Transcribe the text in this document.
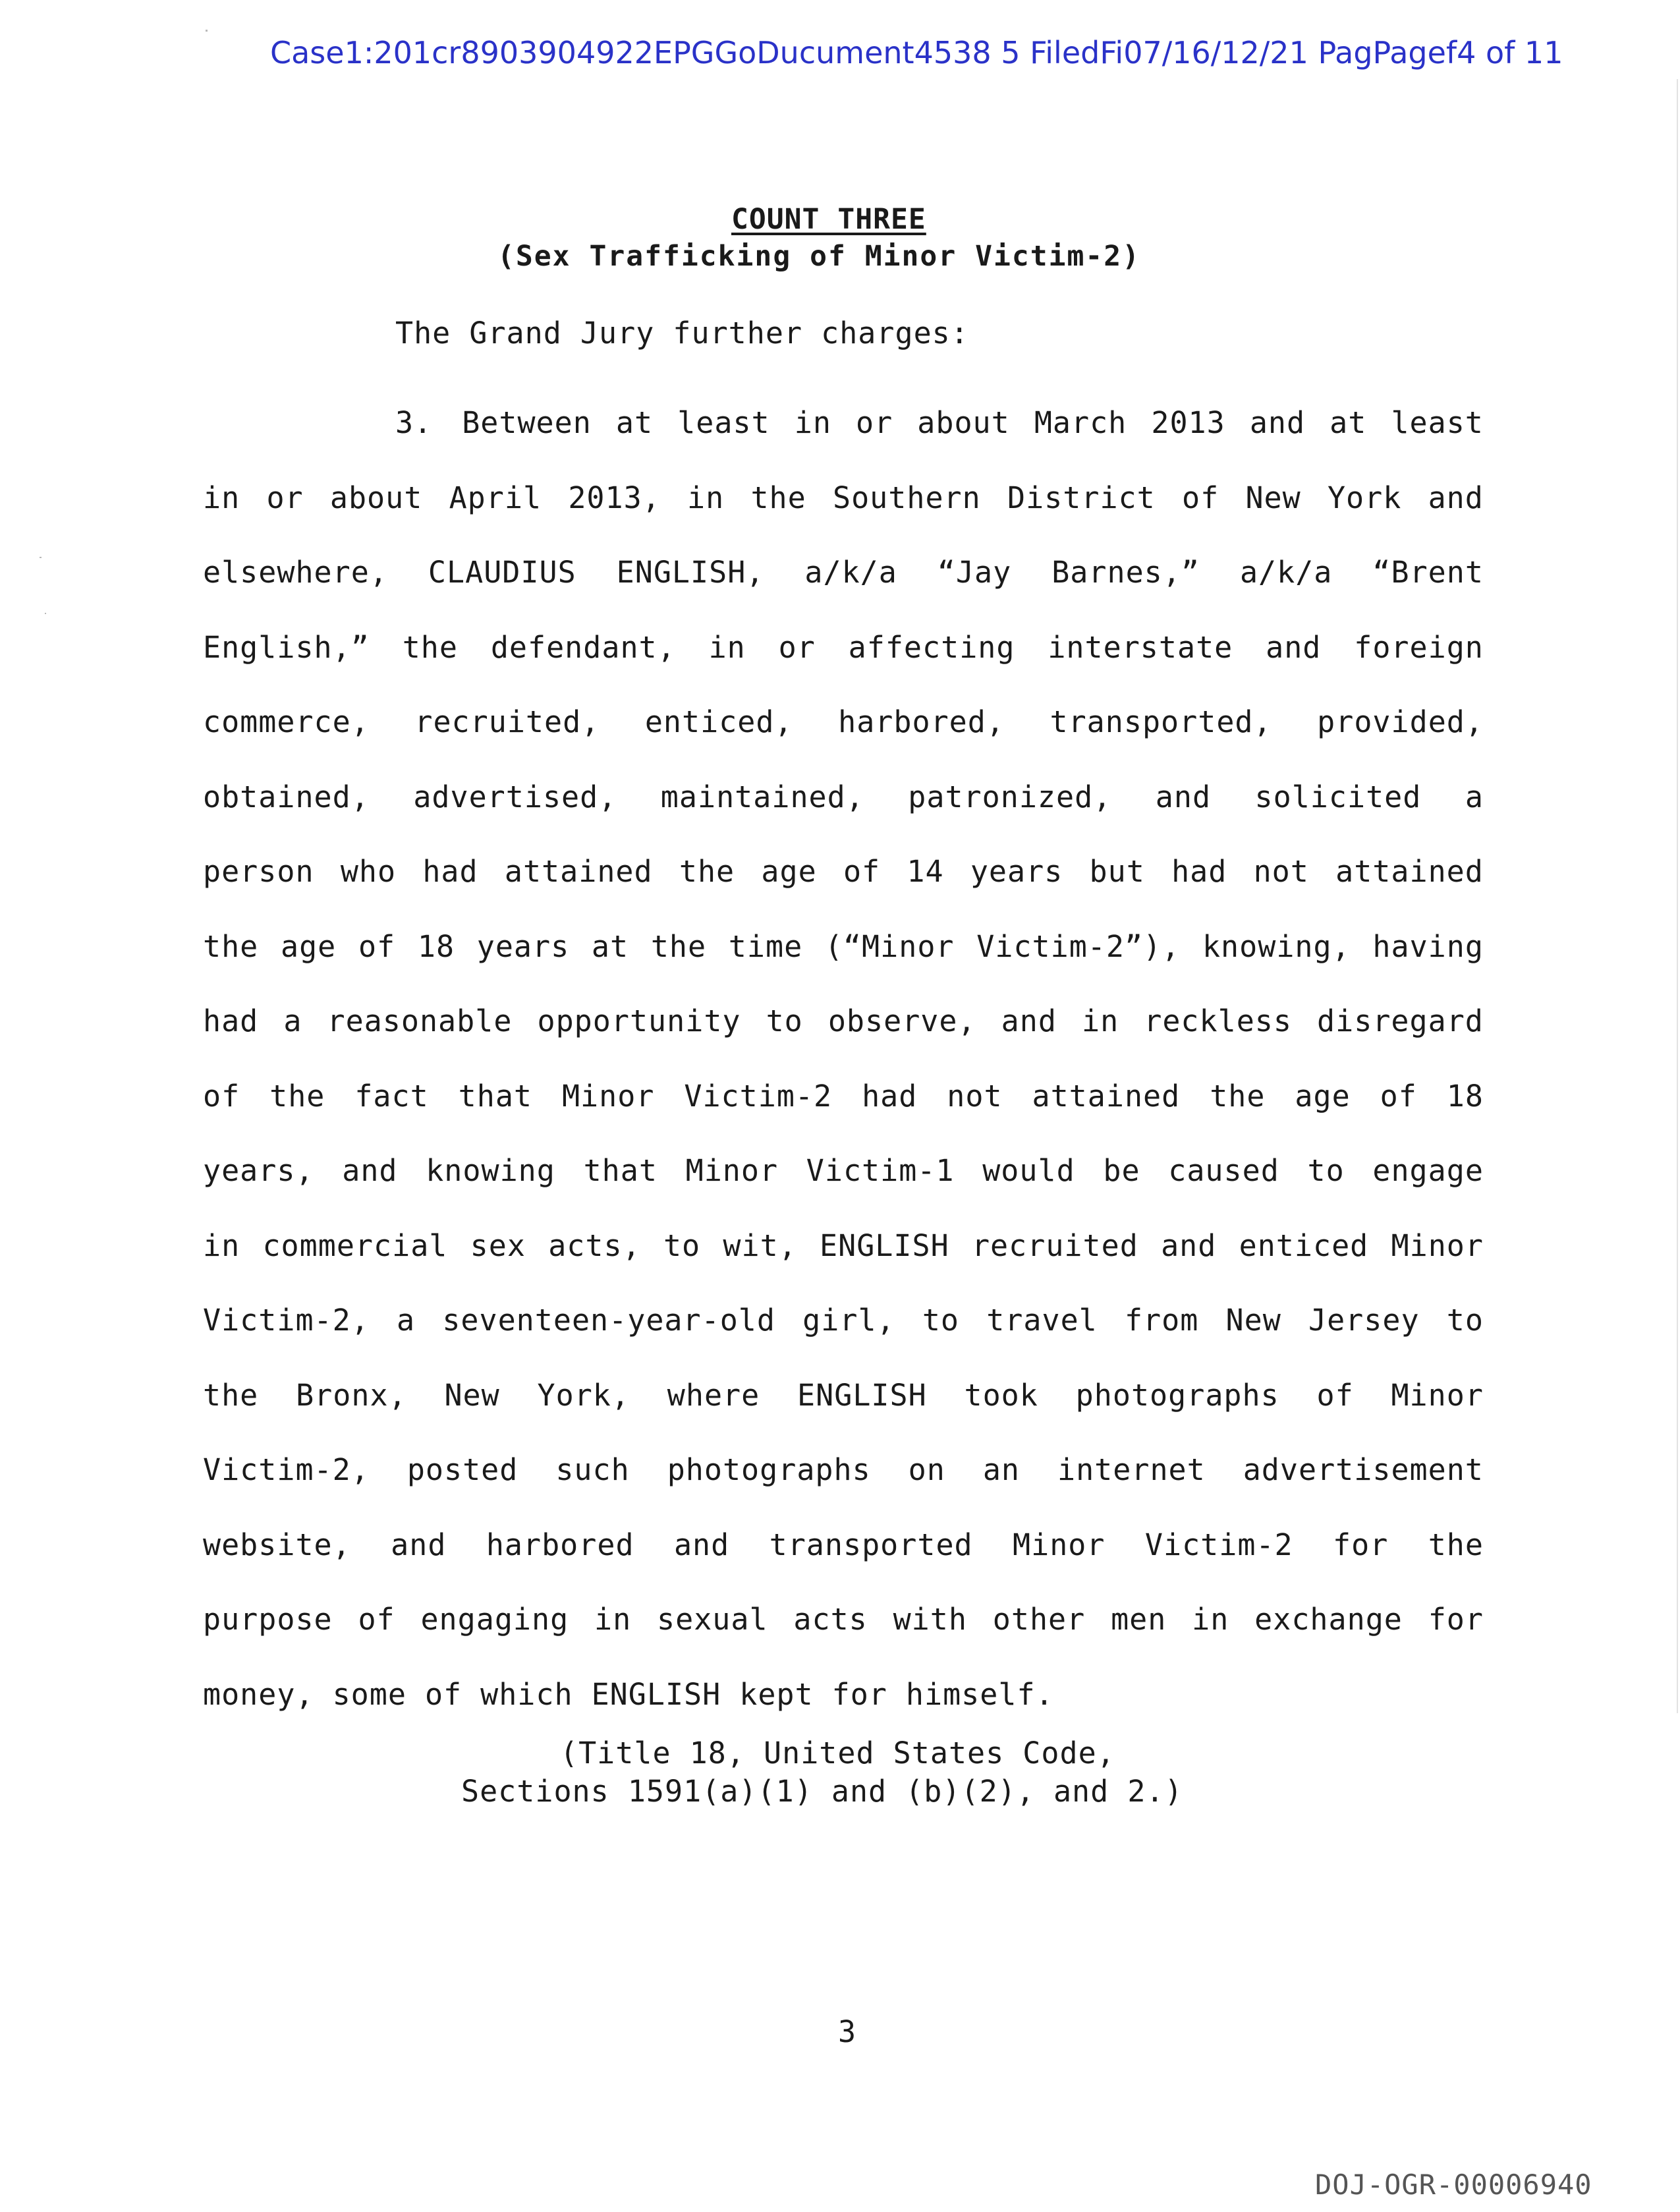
Case1:201cr8903904922EPGGoDucument4538 5 FiledFi07/16/12/21 PagPagef4 of 11
COUNT THREE
(Sex Trafficking of Minor Victim-2)
The Grand Jury further charges:
3. Between at least in or about March 2013 and at least
in or about April 2013, in the Southern District of New York and
elsewhere, CLAUDIUS ENGLISH, a/k/a “Jay Barnes,” a/k/a “Brent
English,” the defendant, in or affecting interstate and foreign
commerce, recruited, enticed, harbored, transported, provided,
obtained, advertised, maintained, patronized, and solicited a
person who had attained the age of 14 years but had not attained
the age of 18 years at the time (“Minor Victim-2”), knowing, having
had a reasonable opportunity to observe, and in reckless disregard
of the fact that Minor Victim-2 had not attained the age of 18
years, and knowing that Minor Victim-1 would be caused to engage
in commercial sex acts, to wit, ENGLISH recruited and enticed Minor
Victim-2, a seventeen-year-old girl, to travel from New Jersey to
the Bronx, New York, where ENGLISH took photographs of Minor
Victim-2, posted such photographs on an internet advertisement
website, and harbored and transported Minor Victim-2 for the
purpose of engaging in sexual acts with other men in exchange for
money, some of which ENGLISH kept for himself.
(Title 18, United States Code,
Sections 1591(a)(1) and (b)(2), and 2.)
3
DOJ-OGR-00006940
